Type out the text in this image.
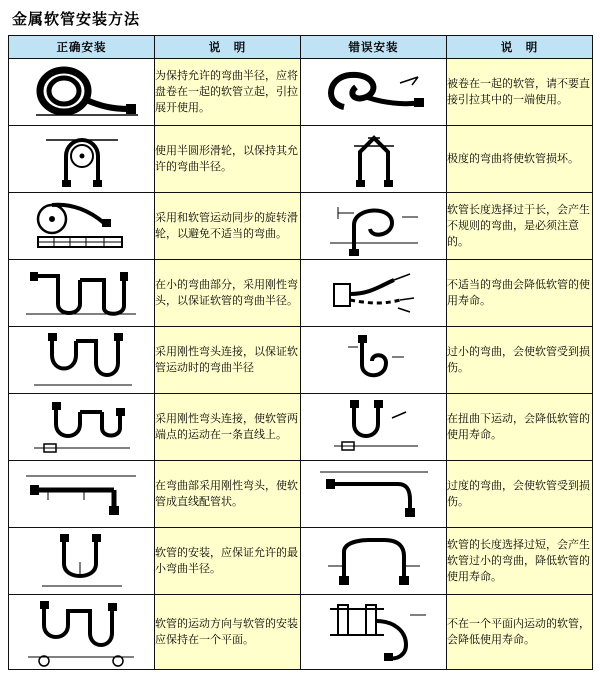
金属软管安装方法
正确安装	说　明	错误安装	说　明

	为保持允许的弯曲半径，应将盘卷在一起的软管立起，引拉展开使用。		被卷在一起的软管，请不要直接引拉其中的一端使用。

	使用半圆形滑轮，以保持其允许的弯曲半径。		极度的弯曲将使软管损坏。

	采用和软管运动同步的旋转滑轮，以避免不适当的弯曲。		软管长度选择过于长，会产生不规则的弯曲，是必须注意的。

	在小的弯曲部分，采用刚性弯头，以保证软管的弯曲半径。		不适当的弯曲会降低软管的使用寿命。

	采用刚性弯头连接，以保证软管运动时的弯曲半径		过小的弯曲，会使软管受到损伤。

	采用刚性弯头连接，使软管两端点的运动在一条直线上。		在扭曲下运动，会降低软管的使用寿命。

	在弯曲部采用刚性弯头，使软管成直线配管状。		过度的弯曲，会使软管受到损伤。

	软管的安装，应保证允许的最小弯曲半径。		软管的长度选择过短，会产生软管过小的弯曲，降低软管的使用寿命。

	软管的运动方向与软管的安装应保持在一个平面。		不在一个平面内运动的软管，会降低使用寿命。
